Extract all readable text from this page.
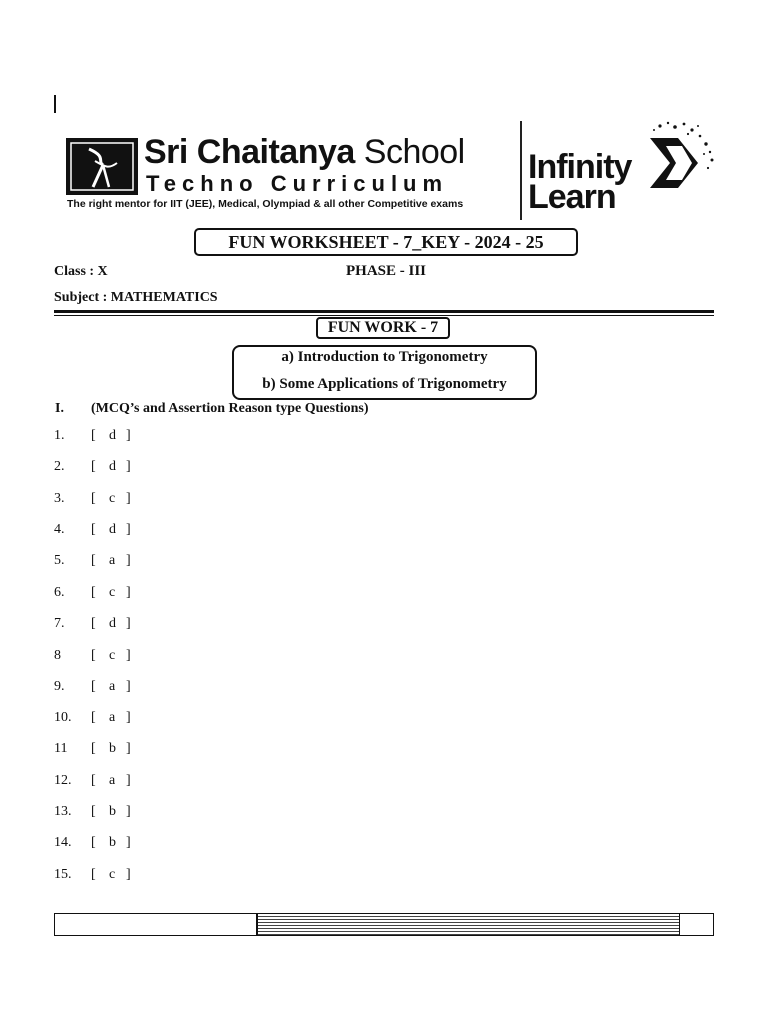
Sri Chaitanya School
Techno Curriculum
The right mentor for IIT (JEE), Medical, Olympiad & all other Competitive exams
Infinity
Learn
FUN WORKSHEET - 7_KEY - 2024 - 25
Class : X	PHASE - III
Subject : MATHEMATICS
FUN WORK - 7
a) Introduction to Trigonometry
b) Some Applications of Trigonometry
I. (MCQ’s and Assertion Reason type Questions)
1. [ d ]
2. [ d ]
3. [ c ]
4. [ d ]
5. [ a ]
6. [ c ]
7. [ d ]
8 [ c ]
9. [ a ]
10. [ a ]
11 [ b ]
12. [ a ]
13. [ b ]
14. [ b ]
15. [ c ]
